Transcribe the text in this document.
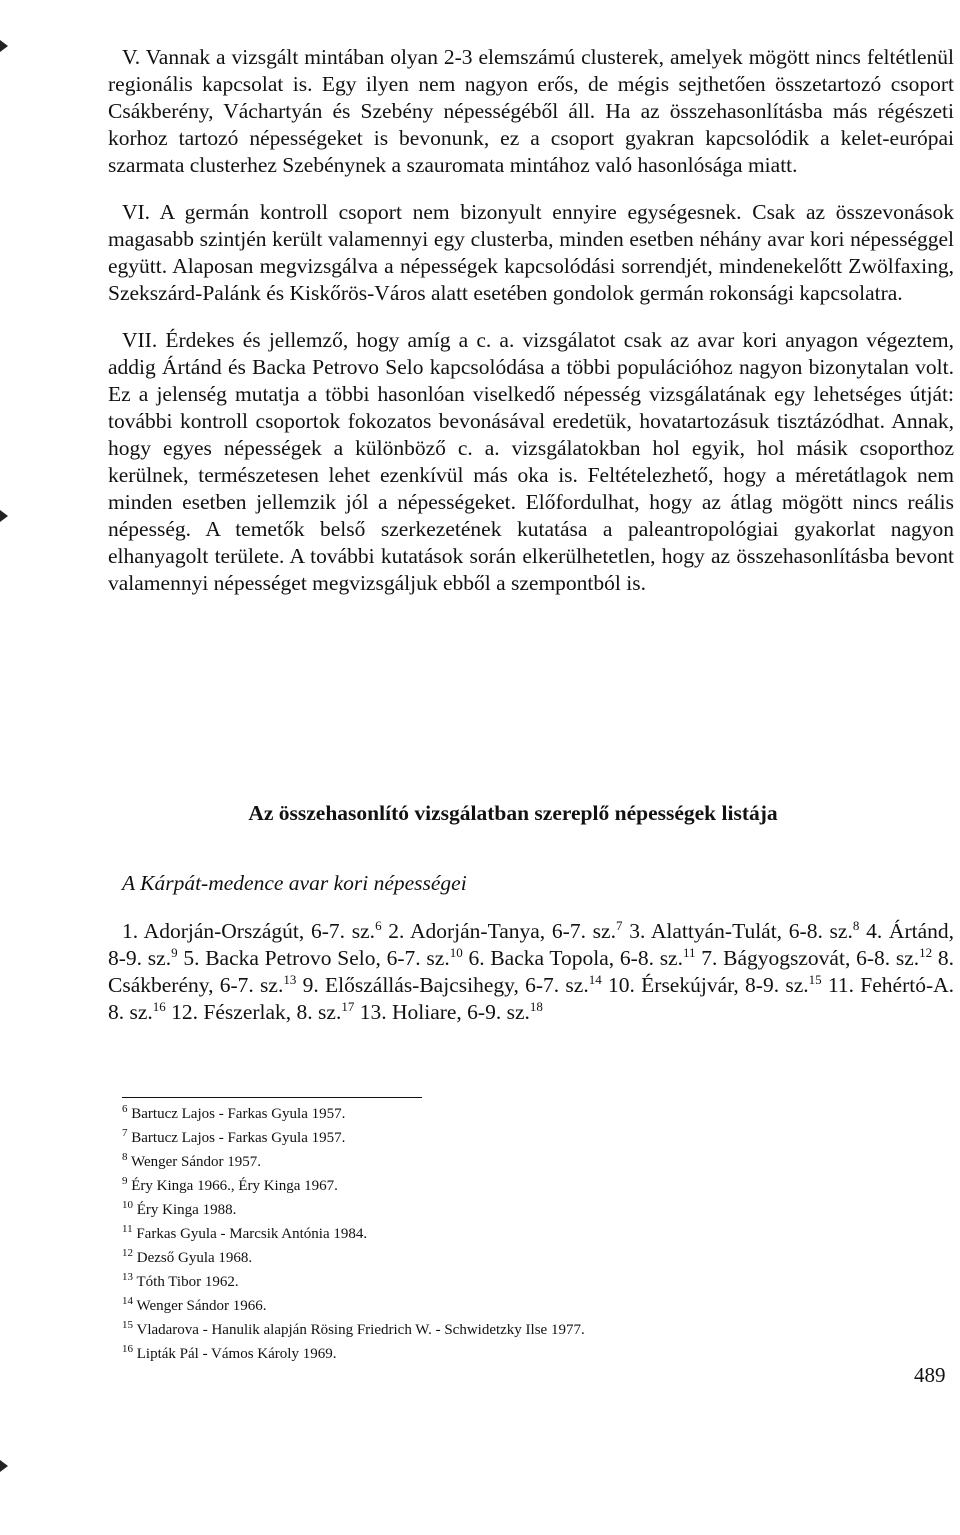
V. Vannak a vizsgált mintában olyan 2-3 elemszámú clusterek, amelyek mögött nincs feltétlenül regionális kapcsolat is. Egy ilyen nem nagyon erős, de mégis sejthetően összetartozó csoport Csákberény, Váchartyán és Szebény népességéből áll. Ha az összehasonlításba más régészeti korhoz tartozó népességeket is bevonunk, ez a csoport gyakran kapcsolódik a kelet-európai szarmata clusterhez Szebénynek a szauromata mintához való hasonlósága miatt.

VI. A germán kontroll csoport nem bizonyult ennyire egységesnek. Csak az összevonások magasabb szintjén került valamennyi egy clusterba, minden esetben néhány avar kori népességgel együtt. Alaposan megvizsgálva a népességek kapcsolódási sorrendjét, mindenekelőtt Zwölfaxing, Szekszárd-Palánk és Kiskőrös-Város alatt esetében gondolok germán rokonsági kapcsolatra.

VII. Érdekes és jellemző, hogy amíg a c. a. vizsgálatot csak az avar kori anyagon végeztem, addig Ártánd és Backa Petrovo Selo kapcsolódása a többi populációhoz nagyon bizonytalan volt. Ez a jelenség mutatja a többi hasonlóan viselkedő népesség vizsgálatának egy lehetséges útját: további kontroll csoportok fokozatos bevonásával eredetük, hovatartozásuk tisztázódhat. Annak, hogy egyes népességek a különböző c. a. vizsgálatokban hol egyik, hol másik csoporthoz kerülnek, természetesen lehet ezenkívül más oka is. Feltételezhető, hogy a méretátlagok nem minden esetben jellemzik jól a népességeket. Előfordulhat, hogy az átlag mögött nincs reális népesség. A temetők belső szerkezetének kutatása a paleantropológiai gyakorlat nagyon elhanyagolt területe. A további kutatások során elkerülhetetlen, hogy az összehasonlításba bevont valamennyi népességet megvizsgáljuk ebből a szempontból is.

Az összehasonlító vizsgálatban szereplő népességek listája
A Kárpát-medence avar kori népességei
1. Adorján-Országút, 6-7. sz.$^6$ 2. Adorján-Tanya, 6-7. sz.$^7$ 3. Alattyán-Tulát, 6-8. sz.$^8$ 4. Ártánd, 8-9. sz.$^9$ 5. Backa Petrovo Selo, 6-7. sz.$^{10}$ 6. Backa Topola, 6-8. sz.$^{11}$ 7. Bágyogszovát, 6-8. sz.$^{12}$ 8. Csákberény, 6-7. sz.$^{13}$ 9. Előszállás-Bajcsihegy, 6-7. sz.$^{14}$ 10. Érsekújvár, 8-9. sz.$^{15}$ 11. Fehértó-A. 8. sz.$^{16}$ 12. Fészerlak, 8. sz.$^{17}$ 13. Holiare, 6-9. sz.$^{18}$
$^6$ Bartucz Lajos - Farkas Gyula 1957.
$^7$ Bartucz Lajos - Farkas Gyula 1957.
$^8$ Wenger Sándor 1957.
$^9$ Éry Kinga 1966., Éry Kinga 1967.
$^{10}$ Éry Kinga 1988.
$^{11}$ Farkas Gyula - Marcsik Antónia 1984.
$^{12}$ Dezső Gyula 1968.
$^{13}$ Tóth Tibor 1962.
$^{14}$ Wenger Sándor 1966.
$^{15}$ Vladarova - Hanulik alapján Rösing Friedrich W. - Schwidetzky Ilse 1977.
$^{16}$ Lipták Pál - Vámos Károly 1969.
489
